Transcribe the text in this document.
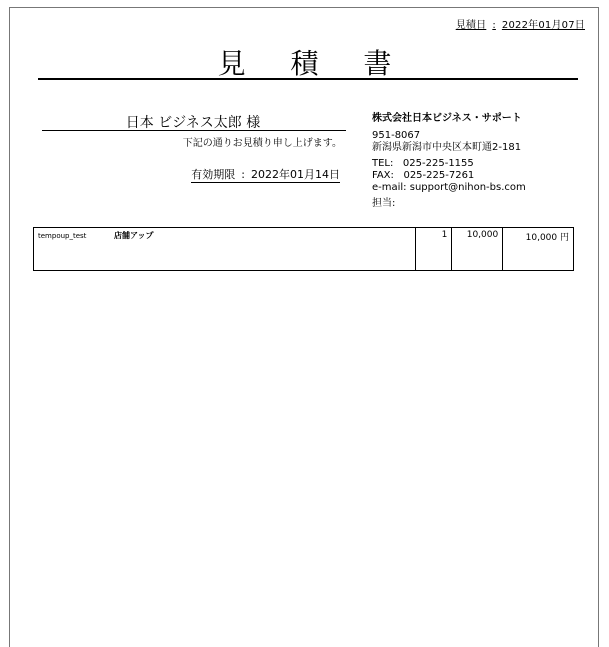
見積日 : 2022年01月07日
見 積 書
日本 ビジネス太郎 様
下記の通りお見積り申し上げます。
有効期限 : 2022年01月14日
株式会社日本ビジネス・サポート
951-8067
新潟県新潟市中央区本町通2-181
TEL: 025-225-1155
FAX: 025-225-7261
e-mail: support@nihon-bs.com
担当:
tempoup_test	店舗アップ	1	10,000	10,000 円
